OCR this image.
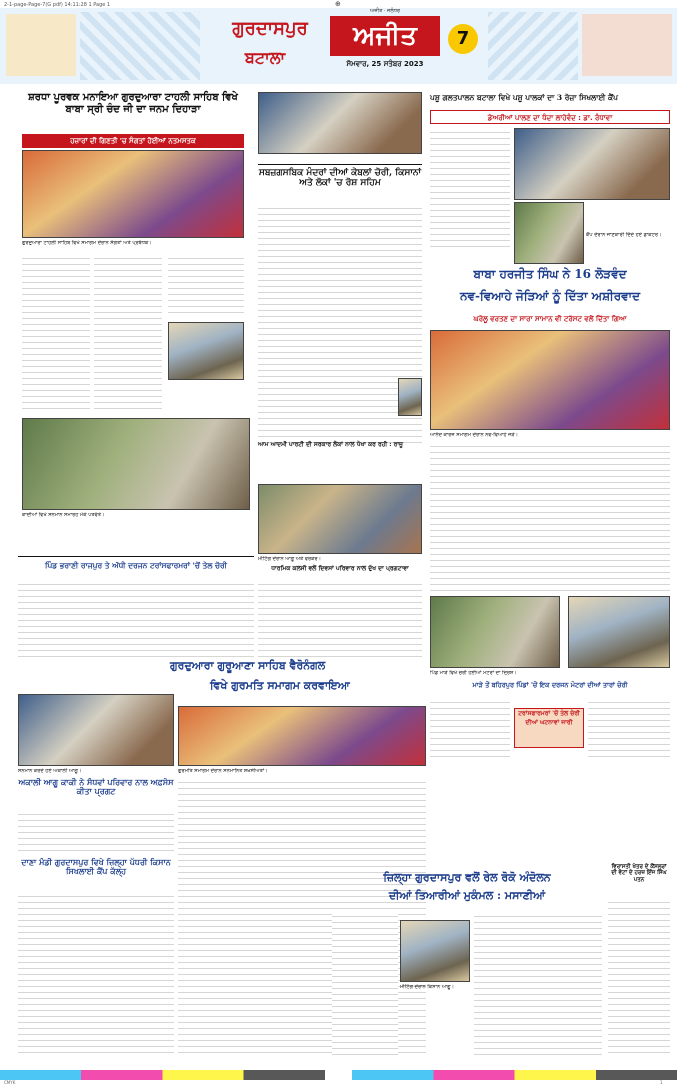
2-1-page-Page-7(G pdf) 14:11:28 1 Page 1	⊕
ਗੁਰਦਾਸਪੁਰ
ਬਟਾਲਾ
ਅਜੀਤ
ਅਜੀਤ · ਜਲੰਧਰ
ਸੋਮਵਾਰ, 25 ਸਤੰਬਰ 2023
7
ਸ਼ਰਧਾ ਪੂਰਵਕ ਮਨਾਇਆ ਗੁਰਦੁਆਰਾ ਟਾਹਲੀ ਸਾਹਿਬ ਵਿਖੇ ਬਾਬਾ ਸ੍ਰੀ ਚੰਦ ਜੀ ਦਾ ਜਨਮ ਦਿਹਾੜਾ
ਹਜ਼ਾਰਾਂ ਦੀ ਗਿਣਤੀ 'ਚ ਸੰਗਤਾਂ ਹੋਈਆਂ ਨਤਮਸਤਕ
ਗੁਰਦੁਆਰਾ ਟਾਹਲੀ ਸਾਹਿਬ ਵਿਖੇ ਸਮਾਗਮ ਦੌਰਾਨ ਸੰਗਤਾਂ ਅਤੇ ਪ੍ਰਬੰਧਕ।
ਕਾਦੀਆਂ ਵਿਖੇ ਸਨਮਾਨ ਸਮਾਰੋਹ ਮੌਕੇ ਪਤਵੰਤੇ।
ਸਬਜ਼ਗਸਬਿਕ ਮੰਦਰਾਂ ਦੀਆਂ ਕੇਬਲਾਂ ਚੋਰੀ, ਕਿਸਾਨਾਂ ਅਤੇ ਲੋਕਾਂ 'ਚ ਰੋਸ਼ ਸਹਿਮ
ਆਮ ਆਦਮੀ ਪਾਰਟੀ ਦੀ ਸਰਕਾਰ ਲੋਕਾਂ ਨਾਲ ਧੋਖਾ ਕਰ ਰਹੀ : ਰਾਜੂ
ਮੀਟਿੰਗ ਦੌਰਾਨ ਆਗੂ ਅਤੇ ਵਰਕਰ।
ਧਾਰਮਿਕ ਕਲਸੀ ਵਲੋਂ ਦਿਵਸਾਂ ਪਰਿਵਾਰ ਨਾਲ ਦੁੱਖ ਦਾ ਪ੍ਰਗਟਾਵਾ
ਪਸ਼ੂ ਗਲਤਪਾਲਨ ਬਟਾਲਾ ਵਿਖੇ ਪਸ਼ੂ ਪਾਲਕਾਂ ਦਾ 3 ਰੋਜ਼ਾ ਸਿਖਲਾਈ ਕੈਂਪ
ਡੇਅਰੀਆਂ ਪਾਲਣ ਦਾ ਧੰਦਾ ਲਾਹੇਵੰਦ : ਡਾ. ਰੰਧਾਵਾ
ਕੈਂਪ ਦੌਰਾਨ ਜਾਣਕਾਰੀ ਦਿੰਦੇ ਹੋਏ ਡਾਕਟਰ।
ਬਾਬਾ ਹਰਜੀਤ ਸਿੰਘ ਨੇ 16 ਲੋੜਵੰਦ
ਨਵ-ਵਿਆਹੇ ਜੋੜਿਆਂ ਨੂੰ ਦਿੱਤਾ ਅਸ਼ੀਰਵਾਦ
ਘਰੇਲੂ ਵਰਤਣ ਦਾ ਸਾਰਾ ਸਾਮਾਨ ਵੀ ਟਰੱਸਟ ਵਲੋਂ ਦਿੱਤਾ ਗਿਆ
ਆਨੰਦ ਕਾਰਜ ਸਮਾਗਮ ਦੌਰਾਨ ਨਵ-ਵਿਆਹੇ ਜੋੜੇ।
ਪਿੰਡ ਭਰਾਣੀ ਰਾਜਪੁਰ ਤੇ ਅੱਧੀ ਦਰਜਨ ਟਰਾਂਸਫਾਰਮਰਾਂ 'ਚੋਂ ਤੇਲ ਚੋਰੀ
ਗੁਰਦੁਆਰਾ ਗੁਰੂਆਣਾ ਸਾਹਿਬ ਵੈਰੋਨੰਗਲ
ਵਿਖੇ ਗੁਰਮਤਿ ਸਮਾਗਮ ਕਰਵਾਇਆ
ਗੁਰਮਤਿ ਸਮਾਗਮ ਦੌਰਾਨ ਸਨਮਾਨਿਤ ਸ਼ਖ਼ਸੀਅਤਾਂ।
ਪਿੰਡ ਮਾੜੇ ਵਿਖੇ ਚੋਰੀ ਹੋਈਆਂ ਮੋਟਰਾਂ ਦਾ ਦ੍ਰਿਸ਼।
ਮਾੜੇ ਤੋਂ ਬਹਿਰਪੁਰ ਪਿੰਡਾਂ 'ਚੋਂ ਇਕ ਦਰਜਨ ਮੋਟਰਾਂ ਦੀਆਂ ਤਾਰਾਂ ਚੋਰੀ
ਟਰਾਂਸਫਾਰਮਰਾਂ 'ਚੋਂ ਤੇਲ ਚੋਰੀ ਦੀਆਂ ਘਟਨਾਵਾਂ ਜਾਰੀ
ਸਨਮਾਨ ਕਰਦੇ ਹੋਏ ਅਕਾਲੀ ਆਗੂ।
ਅਕਾਲੀ ਆਗੂ ਕਾਕੀ ਨੇ ਸੰਧਵਾਂ ਪਰਿਵਾਰ ਨਾਲ ਅਫ਼ਸੋਸ ਕੀਤਾ ਪ੍ਰਗਟ
ਦਾਣਾ ਮੰਡੀ ਗੁਰਦਾਸਪੁਰ ਵਿਖੇ ਜ਼ਿਲ੍ਹਾ ਪੱਧਰੀ ਕਿਸਾਨ ਸਿਖਲਾਈ ਕੈਂਪ ਕੱਲ੍ਹ	ਜ਼ਿਲ੍ਹਾ ਗੁਰਦਾਸਪੁਰ ਵਲੋਂ ਰੇਲ ਰੋਕੋ ਅੰਦੋਲਨ
ਦੀਆਂ ਤਿਆਰੀਆਂ ਮੁਕੰਮਲ : ਮਸਾਣੀਆਂ
ਮੀਟਿੰਗ ਦੌਰਾਨ ਕਿਸਾਨ ਆਗੂ।
ਵਿਰਾਸਤੀ ਖੇਤਰ ਦੇ ਕੌਂਸਲਰਾਂ ਦੀ ਵੋਟਾਂ ਦੇ ਹਰਜ਼ ਇੰਜ ਸਿੰਘ ਪਤਨ
CMYK	1
